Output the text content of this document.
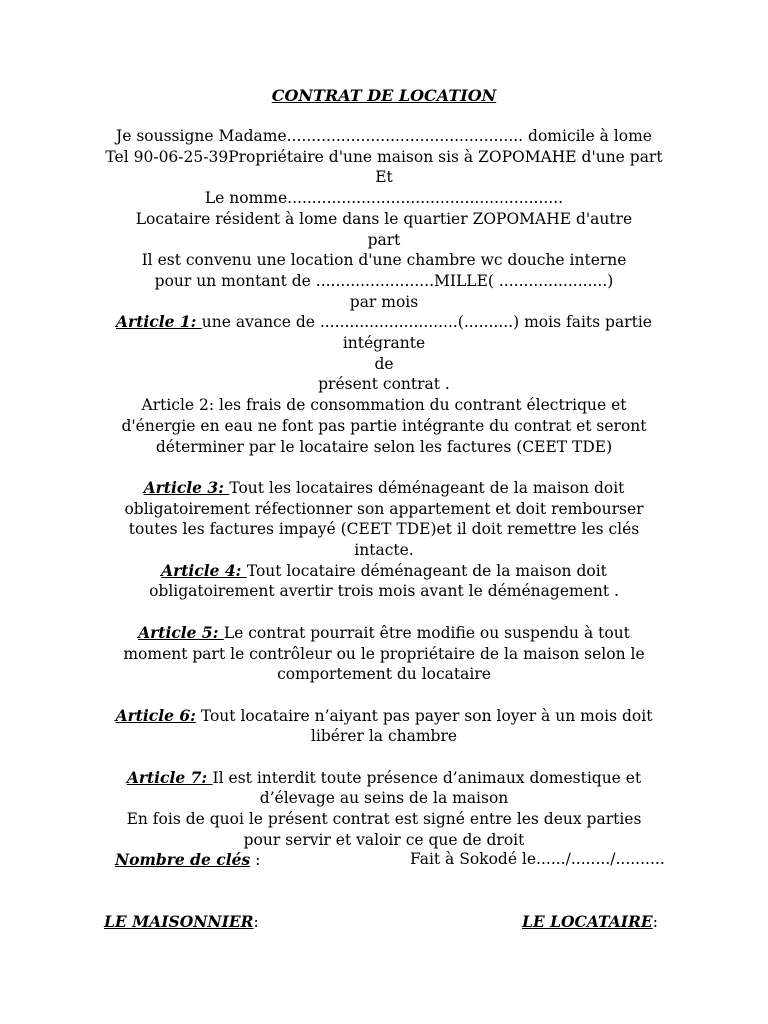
CONTRAT DE LOCATION

Je soussigne Madame................................................ domicile à lome

Tel 90-06-25-39Propriétaire d'une maison sis à ZOPOMAHE d'une part

Et

Le nomme........................................................

Locataire résident à lome dans le quartier ZOPOMAHE d'autre

part

Il est convenu une location d'une chambre wc douche interne

pour un montant de ........................MILLE( ......................)

par mois

Article 1: une avance de ............................(..........) mois faits partie intégrante

de

présent contrat .

Article 2: les frais de consommation du contrant électrique et

d'énergie en eau ne font pas partie intégrante du contrat et seront

déterminer par le locataire selon les factures (CEET TDE)

Article 3: Tout les locataires déménageant de la maison doit

obligatoirement réfectionner son appartement et doit rembourser

toutes les factures impayé (CEET TDE)et il doit remettre les clés

intacte.

Article 4: Tout locataire déménageant de la maison doit

obligatoirement avertir trois mois avant le déménagement .

Article 5: Le contrat pourrait être modifie ou suspendu à tout

moment part le contrôleur ou le propriétaire de la maison selon le

comportement du locataire

Article 6: Tout locataire n’aiyant pas payer son loyer à un mois doit

libérer la chambre

Article 7: Il est interdit toute présence d’animaux domestique et

d’élevage au seins de la maison

En fois de quoi le présent contrat est signé entre les deux parties

pour servir et valoir ce que de droit

Nombre de clés :	Fait à Sokodé le....../......../..........
LE MAISONNIER:	LE LOCATAIRE:
